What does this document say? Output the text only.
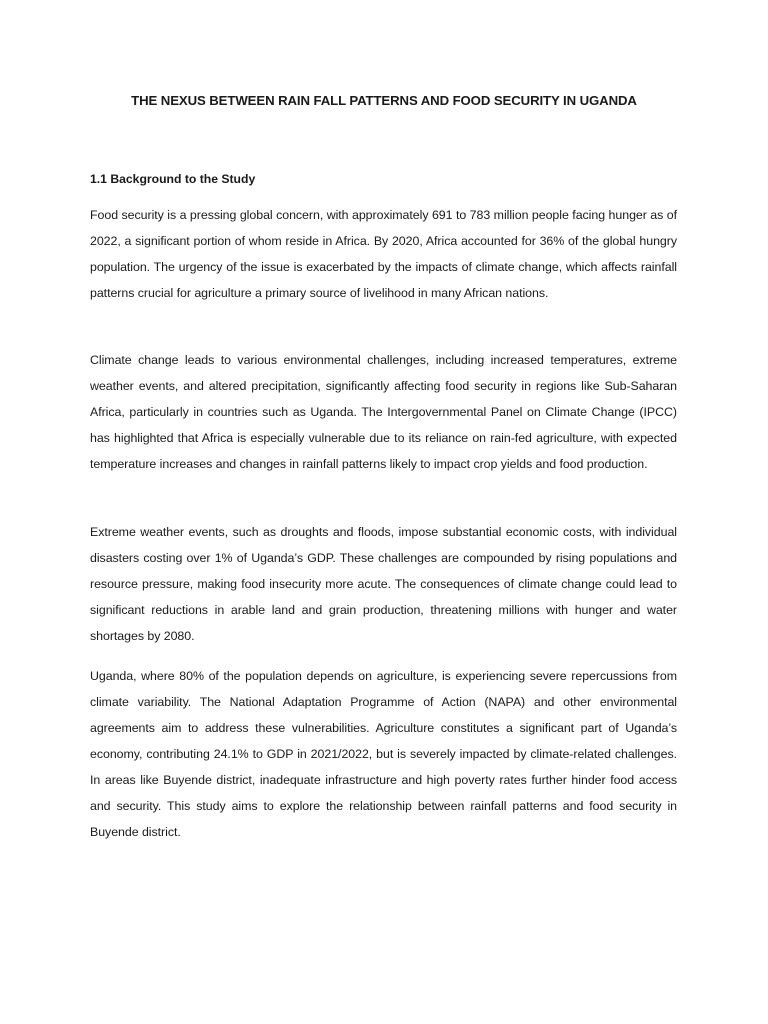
THE NEXUS BETWEEN RAIN FALL PATTERNS AND FOOD SECURITY IN UGANDA
1.1 Background to the Study

Food security is a pressing global concern, with approximately 691 to 783 million people facing hunger as of 2022, a significant portion of whom reside in Africa. By 2020, Africa accounted for 36% of the global hungry population. The urgency of the issue is exacerbated by the impacts of climate change, which affects rainfall patterns crucial for agriculture a primary source of livelihood in many African nations.

Climate change leads to various environmental challenges, including increased temperatures, extreme weather events, and altered precipitation, significantly affecting food security in regions like Sub-Saharan Africa, particularly in countries such as Uganda. The Intergovernmental Panel on Climate Change (IPCC) has highlighted that Africa is especially vulnerable due to its reliance on rain-fed agriculture, with expected temperature increases and changes in rainfall patterns likely to impact crop yields and food production.

Extreme weather events, such as droughts and floods, impose substantial economic costs, with individual disasters costing over 1% of Uganda’s GDP. These challenges are compounded by rising populations and resource pressure, making food insecurity more acute. The consequences of climate change could lead to significant reductions in arable land and grain production, threatening millions with hunger and water shortages by 2080.

Uganda, where 80% of the population depends on agriculture, is experiencing severe repercussions from climate variability. The National Adaptation Programme of Action (NAPA) and other environmental agreements aim to address these vulnerabilities. Agriculture constitutes a significant part of Uganda’s economy, contributing 24.1% to GDP in 2021/2022, but is severely impacted by climate-related challenges. In areas like Buyende district, inadequate infrastructure and high poverty rates further hinder food access and security. This study aims to explore the relationship between rainfall patterns and food security in Buyende district.
